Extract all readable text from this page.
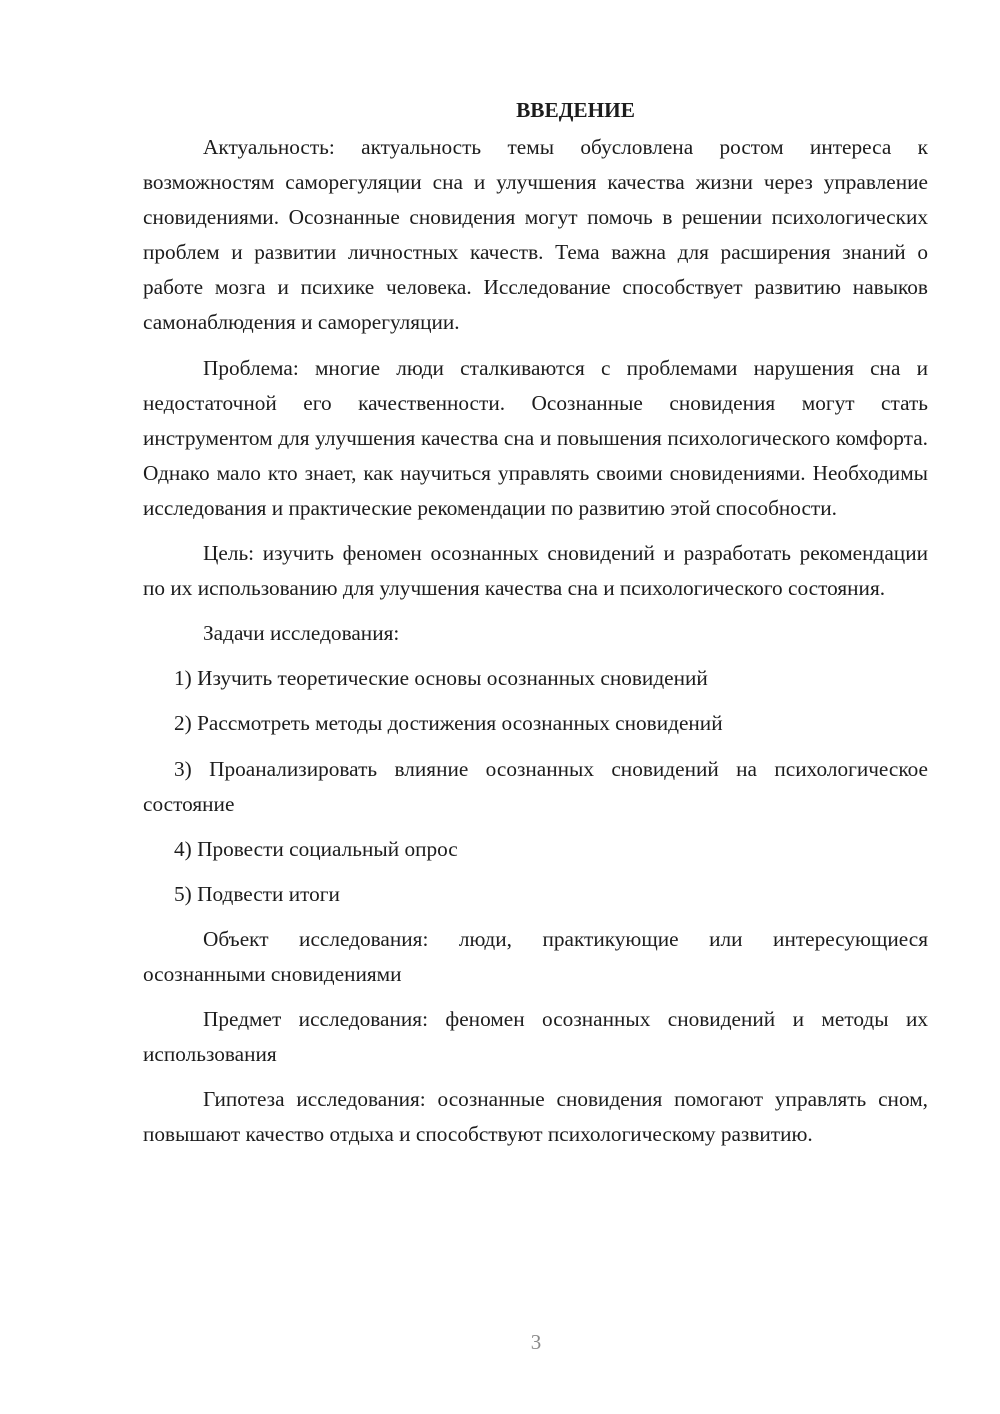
ВВЕДЕНИЕ

Актуальность: актуальность темы обусловлена ростом интереса к возможностям саморегуляции сна и улучшения качества жизни через управление сновидениями. Осознанные сновидения могут помочь в решении психологических проблем и развитии личностных качеств. Тема важна для расширения знаний о работе мозга и психике человека. Исследование способствует развитию навыков самонаблюдения и саморегуляции.

Проблема: многие люди сталкиваются с проблемами нарушения сна и недостаточной его качественности. Осознанные сновидения могут стать инструментом для улучшения качества сна и повышения психологического комфорта. Однако мало кто знает, как научиться управлять своими сновидениями. Необходимы исследования и практические рекомендации по развитию этой способности.

Цель: изучить феномен осознанных сновидений и разработать рекомендации по их использованию для улучшения качества сна и психологического состояния.

Задачи исследования:

1) Изучить теоретические основы осознанных сновидений

2) Рассмотреть методы достижения осознанных сновидений

3) Проанализировать влияние осознанных сновидений на психологическое состояние

4) Провести социальный опрос

5) Подвести итоги

Объект исследования: люди, практикующие или интересующиеся осознанными сновидениями

Предмет исследования: феномен осознанных сновидений и методы их использования

Гипотеза исследования: осознанные сновидения помогают управлять сном, повышают качество отдыха и способствуют психологическому развитию.

3
